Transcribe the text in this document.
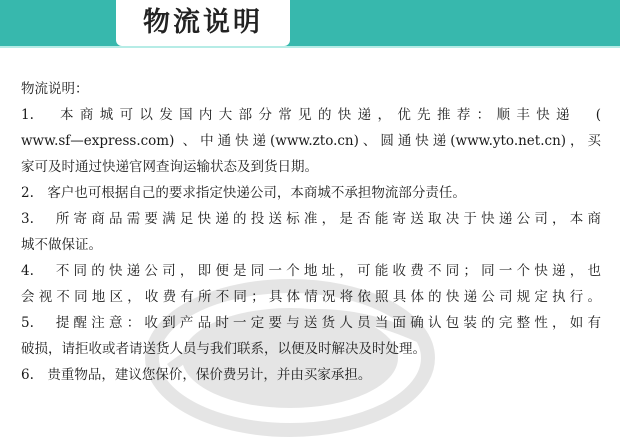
物流说明
物流说明：
1.　本商城可以发国内大部分常见的快递，优先推荐：顺丰快递　(
www.sf—express.com) 、中通快递(www.zto.cn)、圆通快递(www.yto.net.cn)，买
家可及时通过快递官网查询运输状态及到货日期。
2.　客户也可根据自己的要求指定快递公司，本商城不承担物流部分责任。
3.　所寄商品需要满足快递的投送标准，是否能寄送取决于快递公司，本商
城不做保证。
4.　不同的快递公司，即便是同一个地址，可能收费不同；同一个快递，也
会视不同地区，收费有所不同；具体情况将依照具体的快递公司规定执行。
5.　提醒注意：收到产品时一定要与送货人员当面确认包装的完整性，如有
破损，请拒收或者请送货人员与我们联系，以便及时解决及时处理。
6.　贵重物品，建议您保价，保价费另计，并由买家承担。
